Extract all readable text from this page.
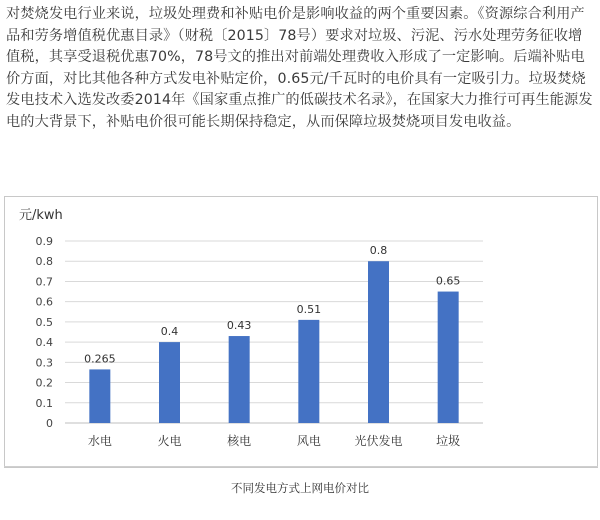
对焚烧发电行业来说，垃圾处理费和补贴电价是影响收益的两个重要因素。《资源综合利用产品和劳务增值税优惠目录》（财税〔2015〕78号）要求对垃圾、污泥、污水处理劳务征收增值税，其享受退税优惠70%，78号文的推出对前端处理费收入形成了一定影响。后端补贴电价方面，对比其他各种方式发电补贴定价，0.65元/千瓦时的电价具有一定吸引力。垃圾焚烧发电技术入选发改委2014年《国家重点推广的低碳技术名录》，在国家大力推行可再生能源发电的大背景下，补贴电价很可能长期保持稳定，从而保障垃圾焚烧项目发电收益。
0
0.1
0.2
0.3
0.4
0.5
0.6
0.7
0.8
0.9
元/kwh
0.265
0.4	0.43
0.51
0.8
0.65
水电	火电	核电	风电	光伏发电	垃圾
不同发电方式上网电价对比
